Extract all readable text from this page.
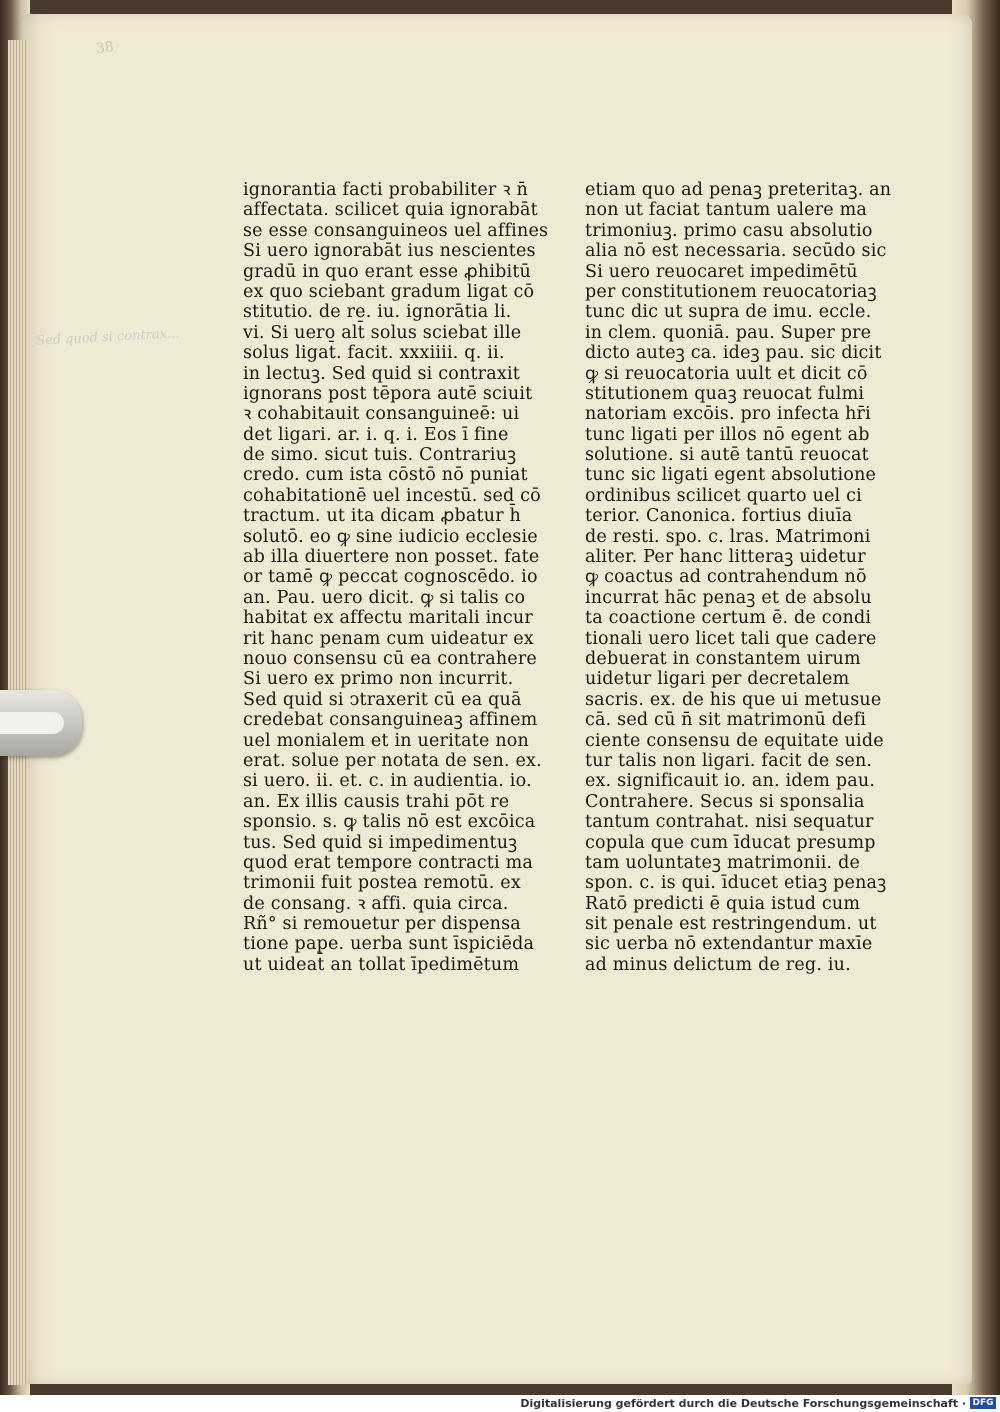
38
Sed quod si contrax...
ignorantia facti probabiliter ꝛ n̄
affectata. scilicet quia ignorabāt
se esse consanguineos uel affines
Si uero ignorabāt ius nescientes
gradū in quo erant esse ꝓhibitū
ex quo sciebant gradum ligat cō
stitutio. de re. iu. ignorātia li.
vi. Si uero alt̄ solus sciebat ille
solus ligat̄. facit. xxxiiii. q. ii.
in lectuꝫ. Sed quid si contraxit
ignorans post tēpora autē sciuit
ꝛ cohabitauit consanguineē: ui
det ligari. ar. i. q. i. Eos ī fine
de simo. sicut tuis. Contrariuꝫ
credo. cum ista cōstō nō puniat
cohabitationē uel incestū. sed cō
tractum. ut ita dicam ꝓbatur h̄
solutō. eo ꝙ sine iudicio ecclesie
ab illa diuertere non posset. fate
or tamē ꝙ peccat cognoscēdo. io
an. Pau. uero dicit. ꝙ si talis co
habitat ex affectu maritali incur
rit hanc penam cum uideatur ex
nouo consensu cū ea contrahere
Si uero ex primo non incurrit.
Sed quid si ↄtraxerit cū ea quā
credebat consanguineaꝫ affinem
uel monialem et in ueritate non
erat. solue per notata de sen. ex.
si uero. ii. et. c. in audientia. io.
an. Ex illis causis trahi pōt re
sponsio. s. ꝙ talis nō est excōica
tus. Sed quid si impedimentuꝫ
quod erat tempore contracti ma
trimonii fuit postea remotū. ex
de consang. ꝛ affi. quia circa.
Rñ° si remouetur per dispensa
tione pape. uerba sunt īspiciēda
ut uideat̄ an tollat īpedimētum
etiam quo ad penaꝫ preteritaꝫ. an
non ut faciat tantum ualere ma
trimoniuꝫ. primo casu absolutio
alia nō est necessaria. secūdo sic
Si uero reuocaret impedimētū
per constitutionem reuocatoriaꝫ
tunc dic ut supra de imu. eccle.
in clem. quoniā. pau. Super pre
dicto auteꝫ ca. ideꝫ pau. sic dicit
ꝙ si reuocatoria uult et dicit cō
stitutionem quaꝫ reuocat fulmi
natoriam excōis. pro infecta hr̄i
tunc ligati per illos nō egent ab
solutione. si autē tantū reuocat
tunc sic ligati egent absolutione
ordinibus scilicet quarto uel ci
terior. Canonica. fortius diuīa
de resti. spo. c. lras. Matrimoni
aliter. Per hanc litteraꝫ uidetur
ꝙ coactus ad contrahendum nō
incurrat hāc penaꝫ et de absolu
ta coactione certum ē. de condi
tionali uero licet tali que cadere
debuerat in constantem uirum
uidetur ligari per decretalem
sacris. ex. de his que ui metusue
cā. sed cū n̄ sit matrimonū defi
ciente consensu de equitate uide
tur talis non ligari. facit de sen.
ex. significauit io. an. idem pau.
Contrahere. Secus si sponsalia
tantum contrahat. nisi sequatur
copula que cum īducat presump
tam uoluntateꝫ matrimonii. de
spon. c. is qui. īducet etiaꝫ penaꝫ
Ratō predicti ē quia istud cum
sit penale est restringendum. ut
sic uerba nō extendantur maxīe
ad minus delictum de reg. iu.
Digitalisierung gefördert durch die Deutsche Forschungsgemeinschaft · DFG
